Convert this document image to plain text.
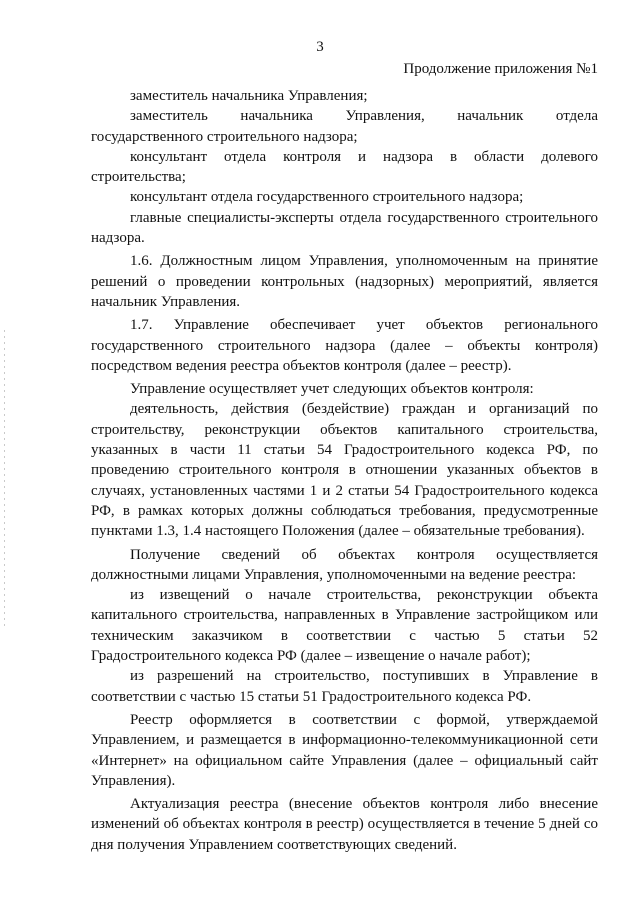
3
Продолжение приложения №1

заместитель начальника Управления;

заместитель начальника Управления, начальник отдела государственного строительного надзора;

консультант отдела контроля и надзора в области долевого строительства;

консультант отдела государственного строительного надзора;

главные специалисты-эксперты отдела государственного строительного надзора.

1.6. Должностным лицом Управления, уполномоченным на принятие решений о проведении контрольных (надзорных) мероприятий, является начальник Управления.

1.7. Управление обеспечивает учет объектов регионального государственного строительного надзора (далее – объекты контроля) посредством ведения реестра объектов контроля (далее – реестр).

Управление осуществляет учет следующих объектов контроля:

деятельность, действия (бездействие) граждан и организаций по строительству, реконструкции объектов капитального строительства, указанных в части 11 статьи 54 Градостроительного кодекса РФ, по проведению строительного контроля в отношении указанных объектов в случаях, установленных частями 1 и 2 статьи 54 Градостроительного кодекса РФ, в рамках которых должны соблюдаться требования, предусмотренные пунктами 1.3, 1.4 настоящего Положения (далее – обязательные требования).

Получение сведений об объектах контроля осуществляется должностными лицами Управления, уполномоченными на ведение реестра:

из извещений о начале строительства, реконструкции объекта капитального строительства, направленных в Управление застройщиком или техническим заказчиком в соответствии с частью 5 статьи 52 Градостроительного кодекса РФ (далее – извещение о начале работ);

из разрешений на строительство, поступивших в Управление в соответствии с частью 15 статьи 51 Градостроительного кодекса РФ.

Реестр оформляется в соответствии с формой, утверждаемой Управлением, и размещается в информационно-телекоммуникационной сети «Интернет» на официальном сайте Управления (далее – официальный сайт Управления).

Актуализация реестра (внесение объектов контроля либо внесение изменений об объектах контроля в реестр) осуществляется в течение 5 дней со дня получения Управлением соответствующих сведений.
